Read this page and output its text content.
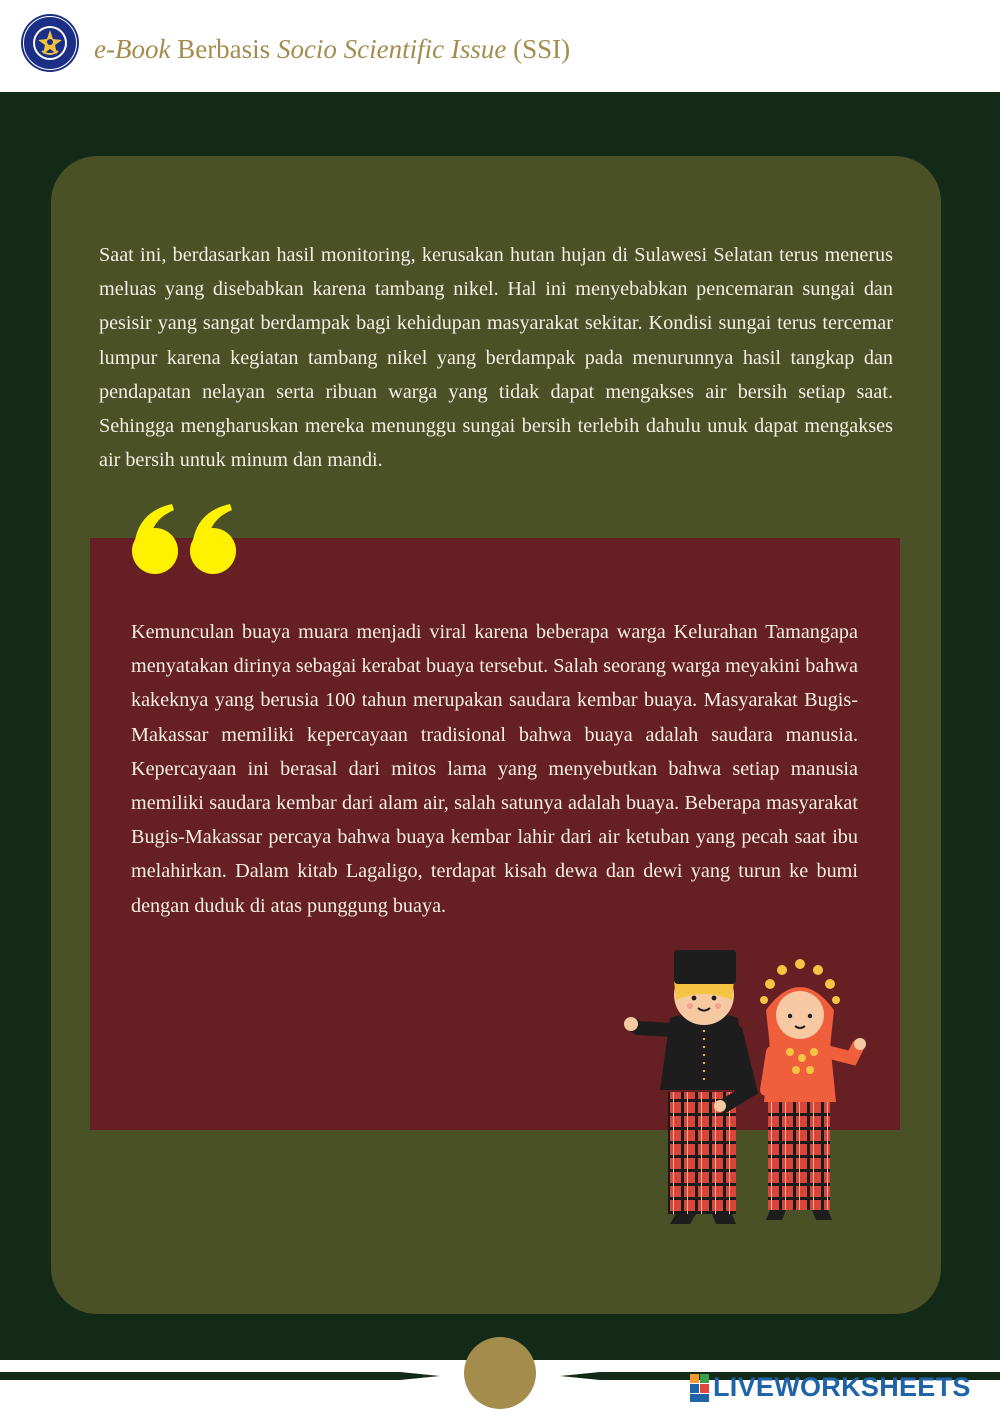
e-Book Berbasis Socio Scientific Issue (SSI)

Saat ini, berdasarkan hasil monitoring, kerusakan hutan hujan di Sulawesi Selatan terus menerus meluas yang disebabkan karena tambang nikel. Hal ini menyebabkan pencemaran sungai dan pesisir yang sangat berdampak bagi kehidupan masyarakat sekitar. Kondisi sungai terus tercemar lumpur karena kegiatan tambang nikel yang berdampak pada menurunnya hasil tangkap dan pendapatan nelayan serta ribuan warga yang tidak dapat mengakses air bersih setiap saat. Sehingga mengharuskan mereka menunggu sungai bersih terlebih dahulu unuk dapat mengakses air bersih untuk minum dan mandi.

Kemunculan buaya muara menjadi viral karena beberapa warga Kelurahan Tamangapa menyatakan dirinya sebagai kerabat buaya tersebut. Salah seorang warga meyakini bahwa kakeknya yang berusia 100 tahun merupakan saudara kembar buaya. Masyarakat Bugis-Makassar memiliki kepercayaan tradisional bahwa buaya adalah saudara manusia. Kepercayaan ini berasal dari mitos lama yang menyebutkan bahwa setiap manusia memiliki saudara kembar dari alam air, salah satunya adalah buaya. Beberapa masyarakat Bugis-Makassar percaya bahwa buaya kembar lahir dari air ketuban yang pecah saat ibu melahirkan. Dalam kitab Lagaligo, terdapat kisah dewa dan dewi yang turun ke bumi dengan duduk di atas punggung buaya.

LIVEWORKSHEETS
